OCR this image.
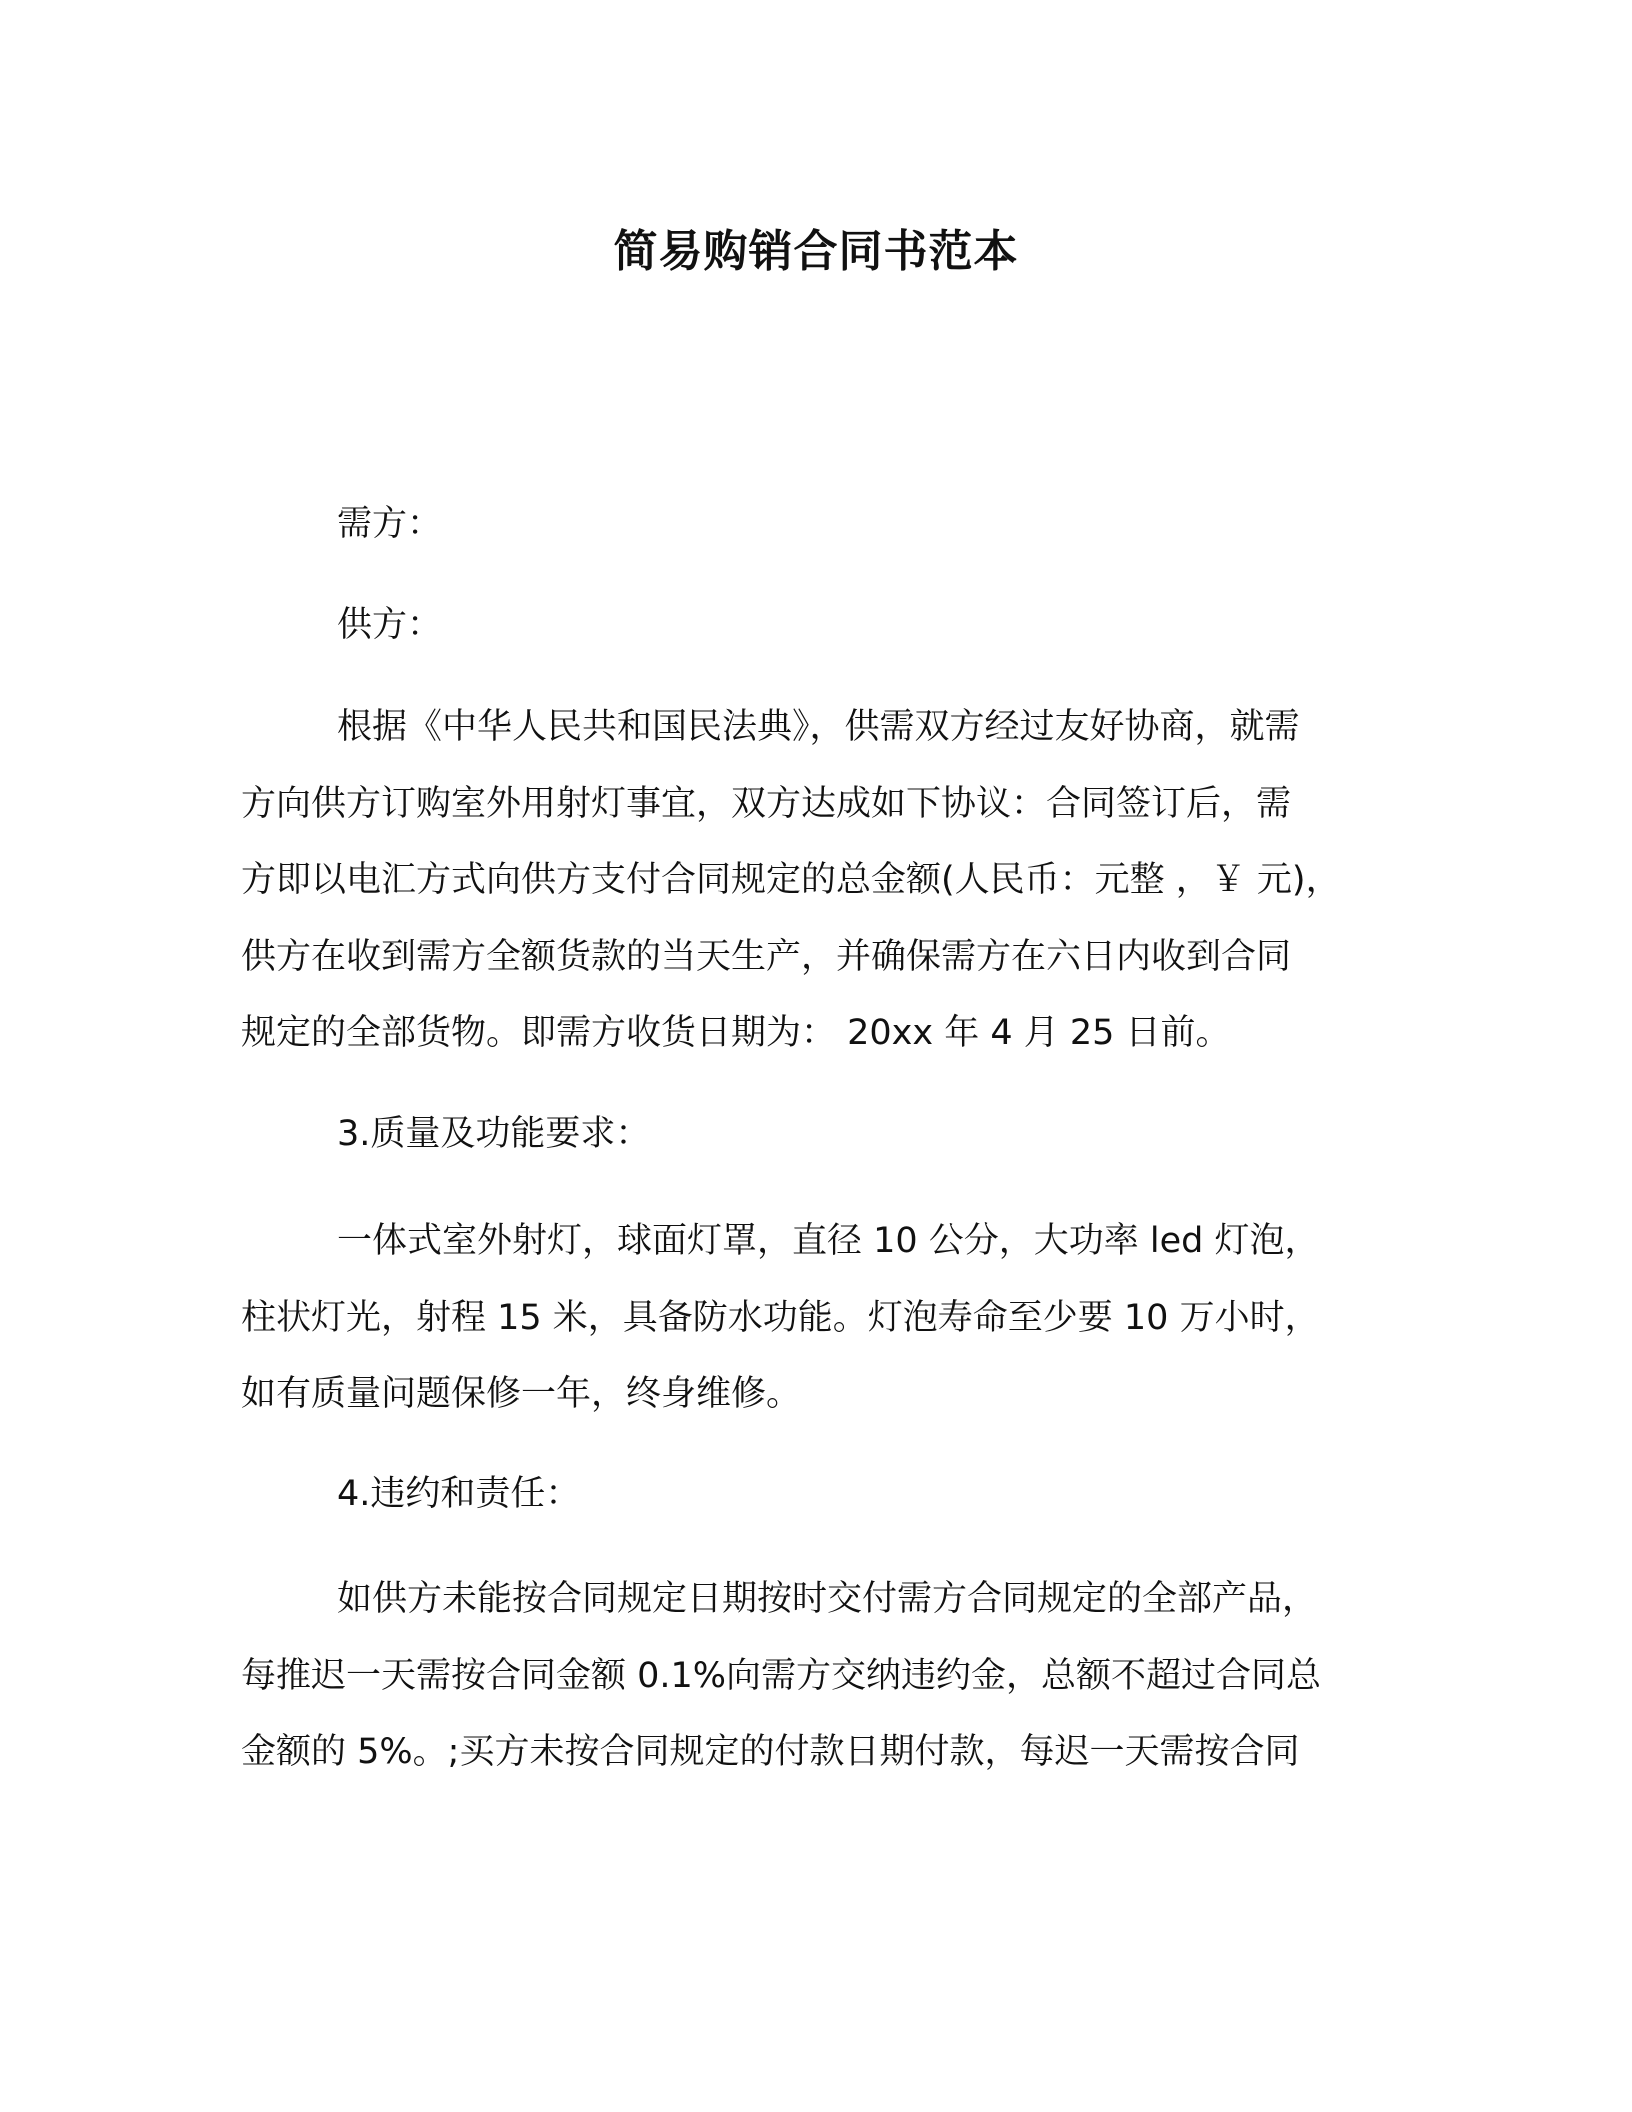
简易购销合同书范本

需方：

供方：

根据《中华人民共和国民法典》，供需双方经过友好协商，就需
方向供方订购室外用射灯事宜，双方达成如下协议：合同签订后，需
方即以电汇方式向供方支付合同规定的总金额(人民币：元整 ，￥ 元)，
供方在收到需方全额货款的当天生产，并确保需方在六日内收到合同
规定的全部货物。即需方收货日期为： 20xx 年 4 月 25 日前。

3.质量及功能要求：

一体式室外射灯，球面灯罩，直径 10 公分，大功率 led 灯泡，
柱状灯光，射程 15 米，具备防水功能。灯泡寿命至少要 10 万小时，
如有质量问题保修一年，终身维修。

4.违约和责任：

如供方未能按合同规定日期按时交付需方合同规定的全部产品，
每推迟一天需按合同金额 0.1%向需方交纳违约金，总额不超过合同总
金额的 5%。;买方未按合同规定的付款日期付款，每迟一天需按合同
